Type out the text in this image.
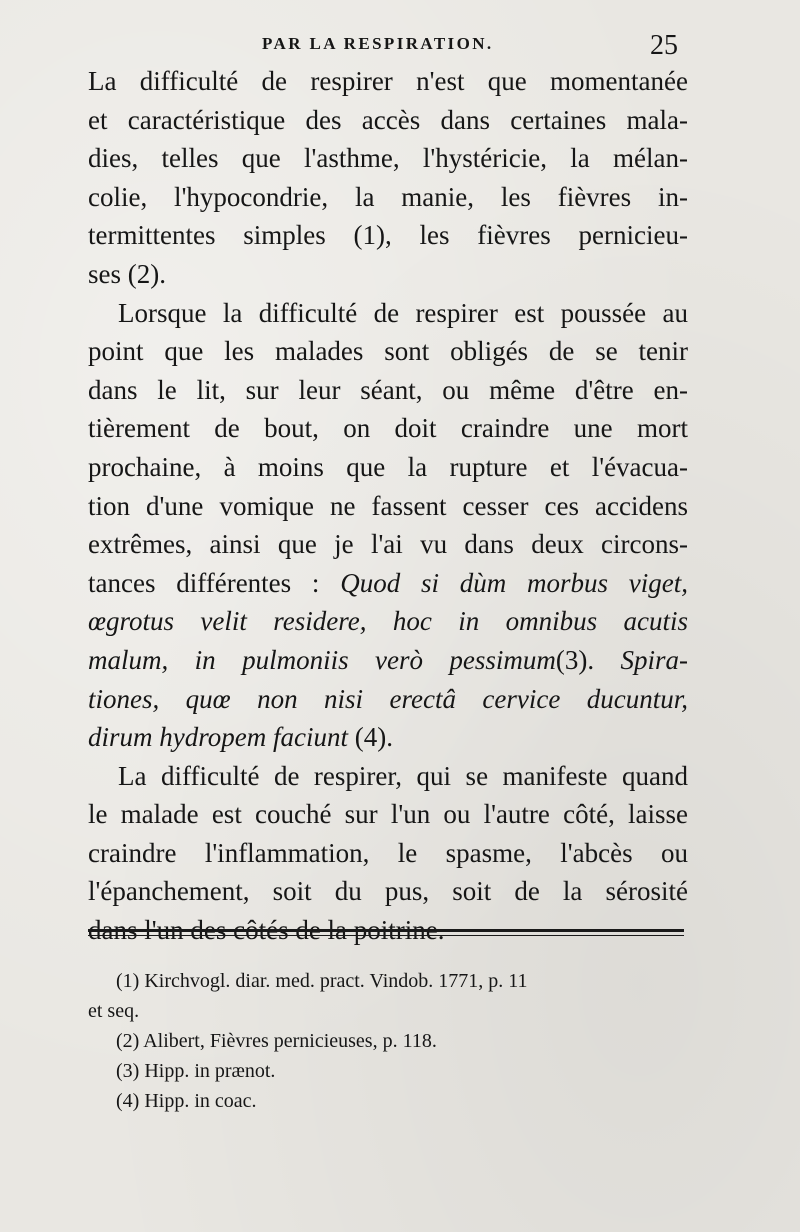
PAR LA RESPIRATION.	25
La difficulté de respirer n'est que momentanée
et caractéristique des accès dans certaines mala-
dies, telles que l'asthme, l'hystéricie, la mélan-
colie, l'hypocondrie, la manie, les fièvres in-
termittentes simples (1), les fièvres pernicieu-
ses (2).
Lorsque la difficulté de respirer est poussée au
point que les malades sont obligés de se tenir
dans le lit, sur leur séant, ou même d'être en-
tièrement de bout, on doit craindre une mort
prochaine, à moins que la rupture et l'évacua-
tion d'une vomique ne fassent cesser ces accidens
extrêmes, ainsi que je l'ai vu dans deux circons-
tances différentes : Quod si dùm morbus viget,
œgrotus velit residere, hoc in omnibus acutis
malum, in pulmoniis verò pessimum(3). Spira-
tiones, quœ non nisi erectâ cervice ducuntur,
dirum hydropem faciunt (4).
La difficulté de respirer, qui se manifeste quand
le malade est couché sur l'un ou l'autre côté, laisse
craindre l'inflammation, le spasme, l'abcès ou
l'épanchement, soit du pus, soit de la sérosité
dans l'un des côtés de la poitrine.
(1) Kirchvogl. diar. med. pract. Vindob. 1771, p. 11
et seq.
(2) Alibert, Fièvres pernicieuses, p. 118.
(3) Hipp. in prænot.
(4) Hipp. in coac.
